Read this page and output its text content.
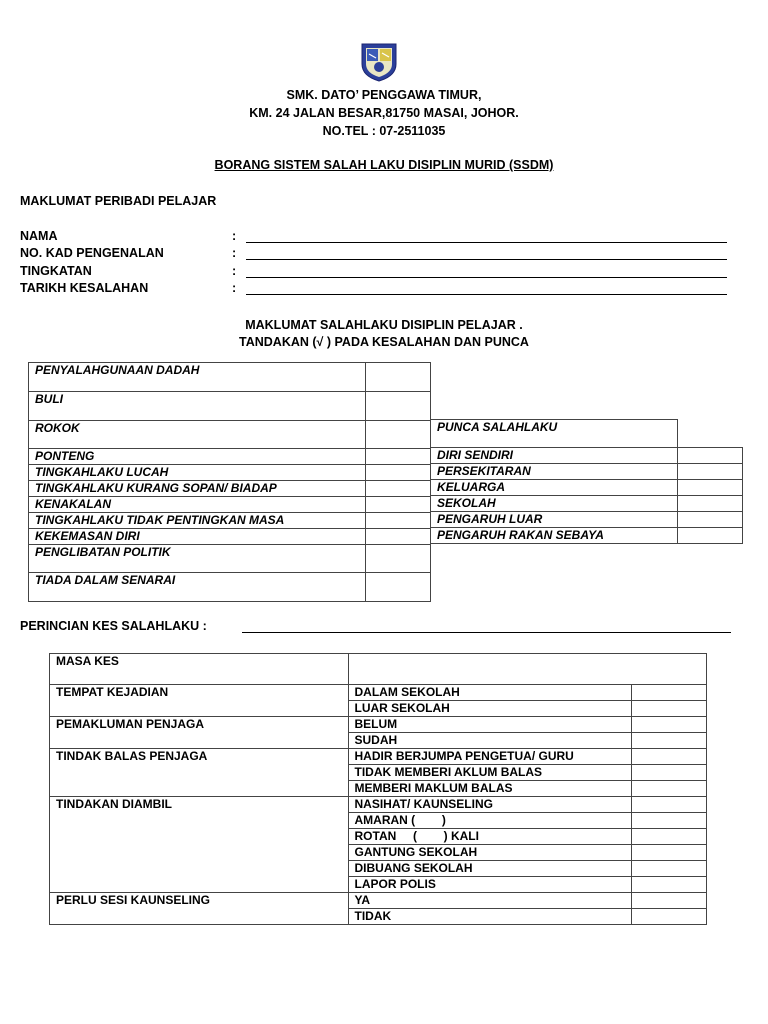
SMK. DATO’ PENGGAWA TIMUR,
KM. 24 JALAN BESAR,81750 MASAI, JOHOR.
NO.TEL : 07-2511035
BORANG SISTEM SALAH LAKU DISIPLIN MURID (SSDM)
MAKLUMAT PERIBADI PELAJAR
NAMA	:
NO. KAD PENGENALAN	:
TINGKATAN	:
TARIKH KESALAHAN	:
MAKLUMAT SALAHLAKU DISIPLIN PELAJAR .
TANDAKAN (√ ) PADA KESALAHAN DAN PUNCA
PENYALAHGUNAAN DADAH	
BULI	
ROKOK	
PONTENG	
TINGKAHLAKU LUCAH	
TINGKAHLAKU KURANG SOPAN/ BIADAP	
KENAKALAN	
TINGKAHLAKU TIDAK PENTINGKAN MASA	
KEKEMASAN DIRI	
PENGLIBATAN POLITIK	
TIADA DALAM SENARAI	
PUNCA SALAHLAKU	
DIRI SENDIRI	
PERSEKITARAN	
KELUARGA	
SEKOLAH	
PENGARUH LUAR	
PENGARUH RAKAN SEBAYA	
PERINCIAN KES SALAHLAKU :
MASA KES		
TEMPAT KEJADIAN	DALAM SEKOLAH	
	LUAR SEKOLAH	
PEMAKLUMAN PENJAGA	BELUM	
	SUDAH	
TINDAK BALAS PENJAGA	HADIR BERJUMPA PENGETUA/ GURU	
	TIDAK MEMBERI AKLUM BALAS	
	MEMBERI MAKLUM BALAS	
TINDAKAN DIAMBIL	NASIHAT/ KAUNSELING	
	AMARAN (        )	
	ROTAN     (        ) KALI	
	GANTUNG SEKOLAH	
	DIBUANG SEKOLAH	
	LAPOR POLIS	
PERLU SESI KAUNSELING	YA	
	TIDAK	
